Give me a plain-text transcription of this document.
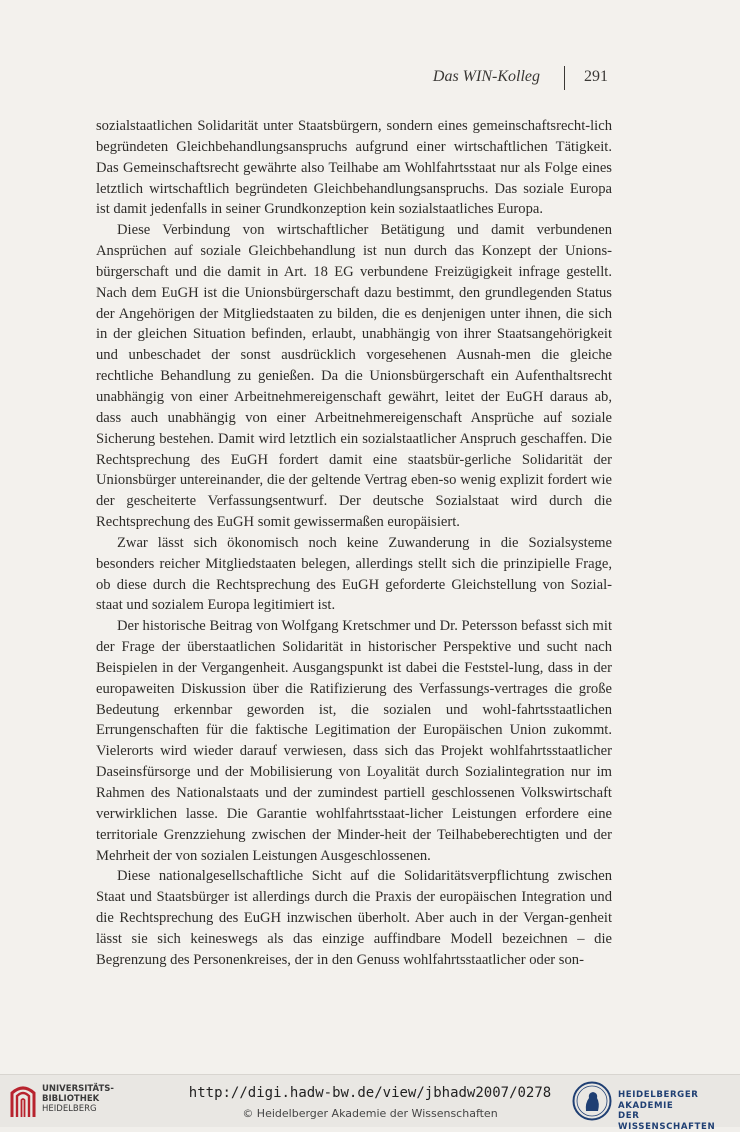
Das WIN-Kolleg	291

sozialstaatlichen Solidarität unter Staatsbürgern, sondern eines gemeinschaftsrecht-lich begründeten Gleichbehandlungsanspruchs aufgrund einer wirtschaftlichen Tätigkeit. Das Gemeinschaftsrecht gewährte also Teilhabe am Wohlfahrtsstaat nur als Folge eines letztlich wirtschaftlich begründeten Gleichbehandlungsanspruchs. Das soziale Europa ist damit jedenfalls in seiner Grundkonzeption kein sozialstaatliches Europa.

Diese Verbindung von wirtschaftlicher Betätigung und damit verbundenen Ansprüchen auf soziale Gleichbehandlung ist nun durch das Konzept der Unions-bürgerschaft und die damit in Art. 18 EG verbundene Freizügigkeit infrage gestellt. Nach dem EuGH ist die Unionsbürgerschaft dazu bestimmt, den grundlegenden Status der Angehörigen der Mitgliedstaaten zu bilden, die es denjenigen unter ihnen, die sich in der gleichen Situation befinden, erlaubt, unabhängig von ihrer Staatsangehörigkeit und unbeschadet der sonst ausdrücklich vorgesehenen Ausnah-men die gleiche rechtliche Behandlung zu genießen. Da die Unionsbürgerschaft ein Aufenthaltsrecht unabhängig von einer Arbeitnehmereigenschaft gewährt, leitet der EuGH daraus ab, dass auch unabhängig von einer Arbeitnehmereigenschaft Ansprüche auf soziale Sicherung bestehen. Damit wird letztlich ein sozialstaatlicher Anspruch geschaffen. Die Rechtsprechung des EuGH fordert damit eine staatsbür-gerliche Solidarität der Unionsbürger untereinander, die der geltende Vertrag eben-so wenig explizit fordert wie der gescheiterte Verfassungsentwurf. Der deutsche Sozialstaat wird durch die Rechtsprechung des EuGH somit gewissermaßen europäisiert.

Zwar lässt sich ökonomisch noch keine Zuwanderung in die Sozialsysteme besonders reicher Mitgliedstaaten belegen, allerdings stellt sich die prinzipielle Frage, ob diese durch die Rechtsprechung des EuGH geforderte Gleichstellung von Sozial-staat und sozialem Europa legitimiert ist.

Der historische Beitrag von Wolfgang Kretschmer und Dr. Petersson befasst sich mit der Frage der überstaatlichen Solidarität in historischer Perspektive und sucht nach Beispielen in der Vergangenheit. Ausgangspunkt ist dabei die Feststel-lung, dass in der europaweiten Diskussion über die Ratifizierung des Verfassungs-vertrages die große Bedeutung erkennbar geworden ist, die sozialen und wohl-fahrtsstaatlichen Errungenschaften für die faktische Legitimation der Europäischen Union zukommt. Vielerorts wird wieder darauf verwiesen, dass sich das Projekt wohlfahrtsstaatlicher Daseinsfürsorge und der Mobilisierung von Loyalität durch Sozialintegration nur im Rahmen des Nationalstaats und der zumindest partiell geschlossenen Volkswirtschaft verwirklichen lasse. Die Garantie wohlfahrtsstaat-licher Leistungen erfordere eine territoriale Grenzziehung zwischen der Minder-heit der Teilhabeberechtigten und der Mehrheit der von sozialen Leistungen Ausgeschlossenen.

Diese nationalgesellschaftliche Sicht auf die Solidaritätsverpflichtung zwischen Staat und Staatsbürger ist allerdings durch die Praxis der europäischen Integration und die Rechtsprechung des EuGH inzwischen überholt. Aber auch in der Vergan-genheit lässt sie sich keineswegs als das einzige auffindbare Modell bezeichnen – die Begrenzung des Personenkreises, der in den Genuss wohlfahrtsstaatlicher oder son-

UNIVERSITÄTS-
BIBLIOTHEK
HEIDELBERG
http://digi.hadw-bw.de/view/jbhadw2007/0278
© Heidelberger Akademie der Wissenschaften
HEIDELBERGER AKADEMIE
DER WISSENSCHAFTEN
